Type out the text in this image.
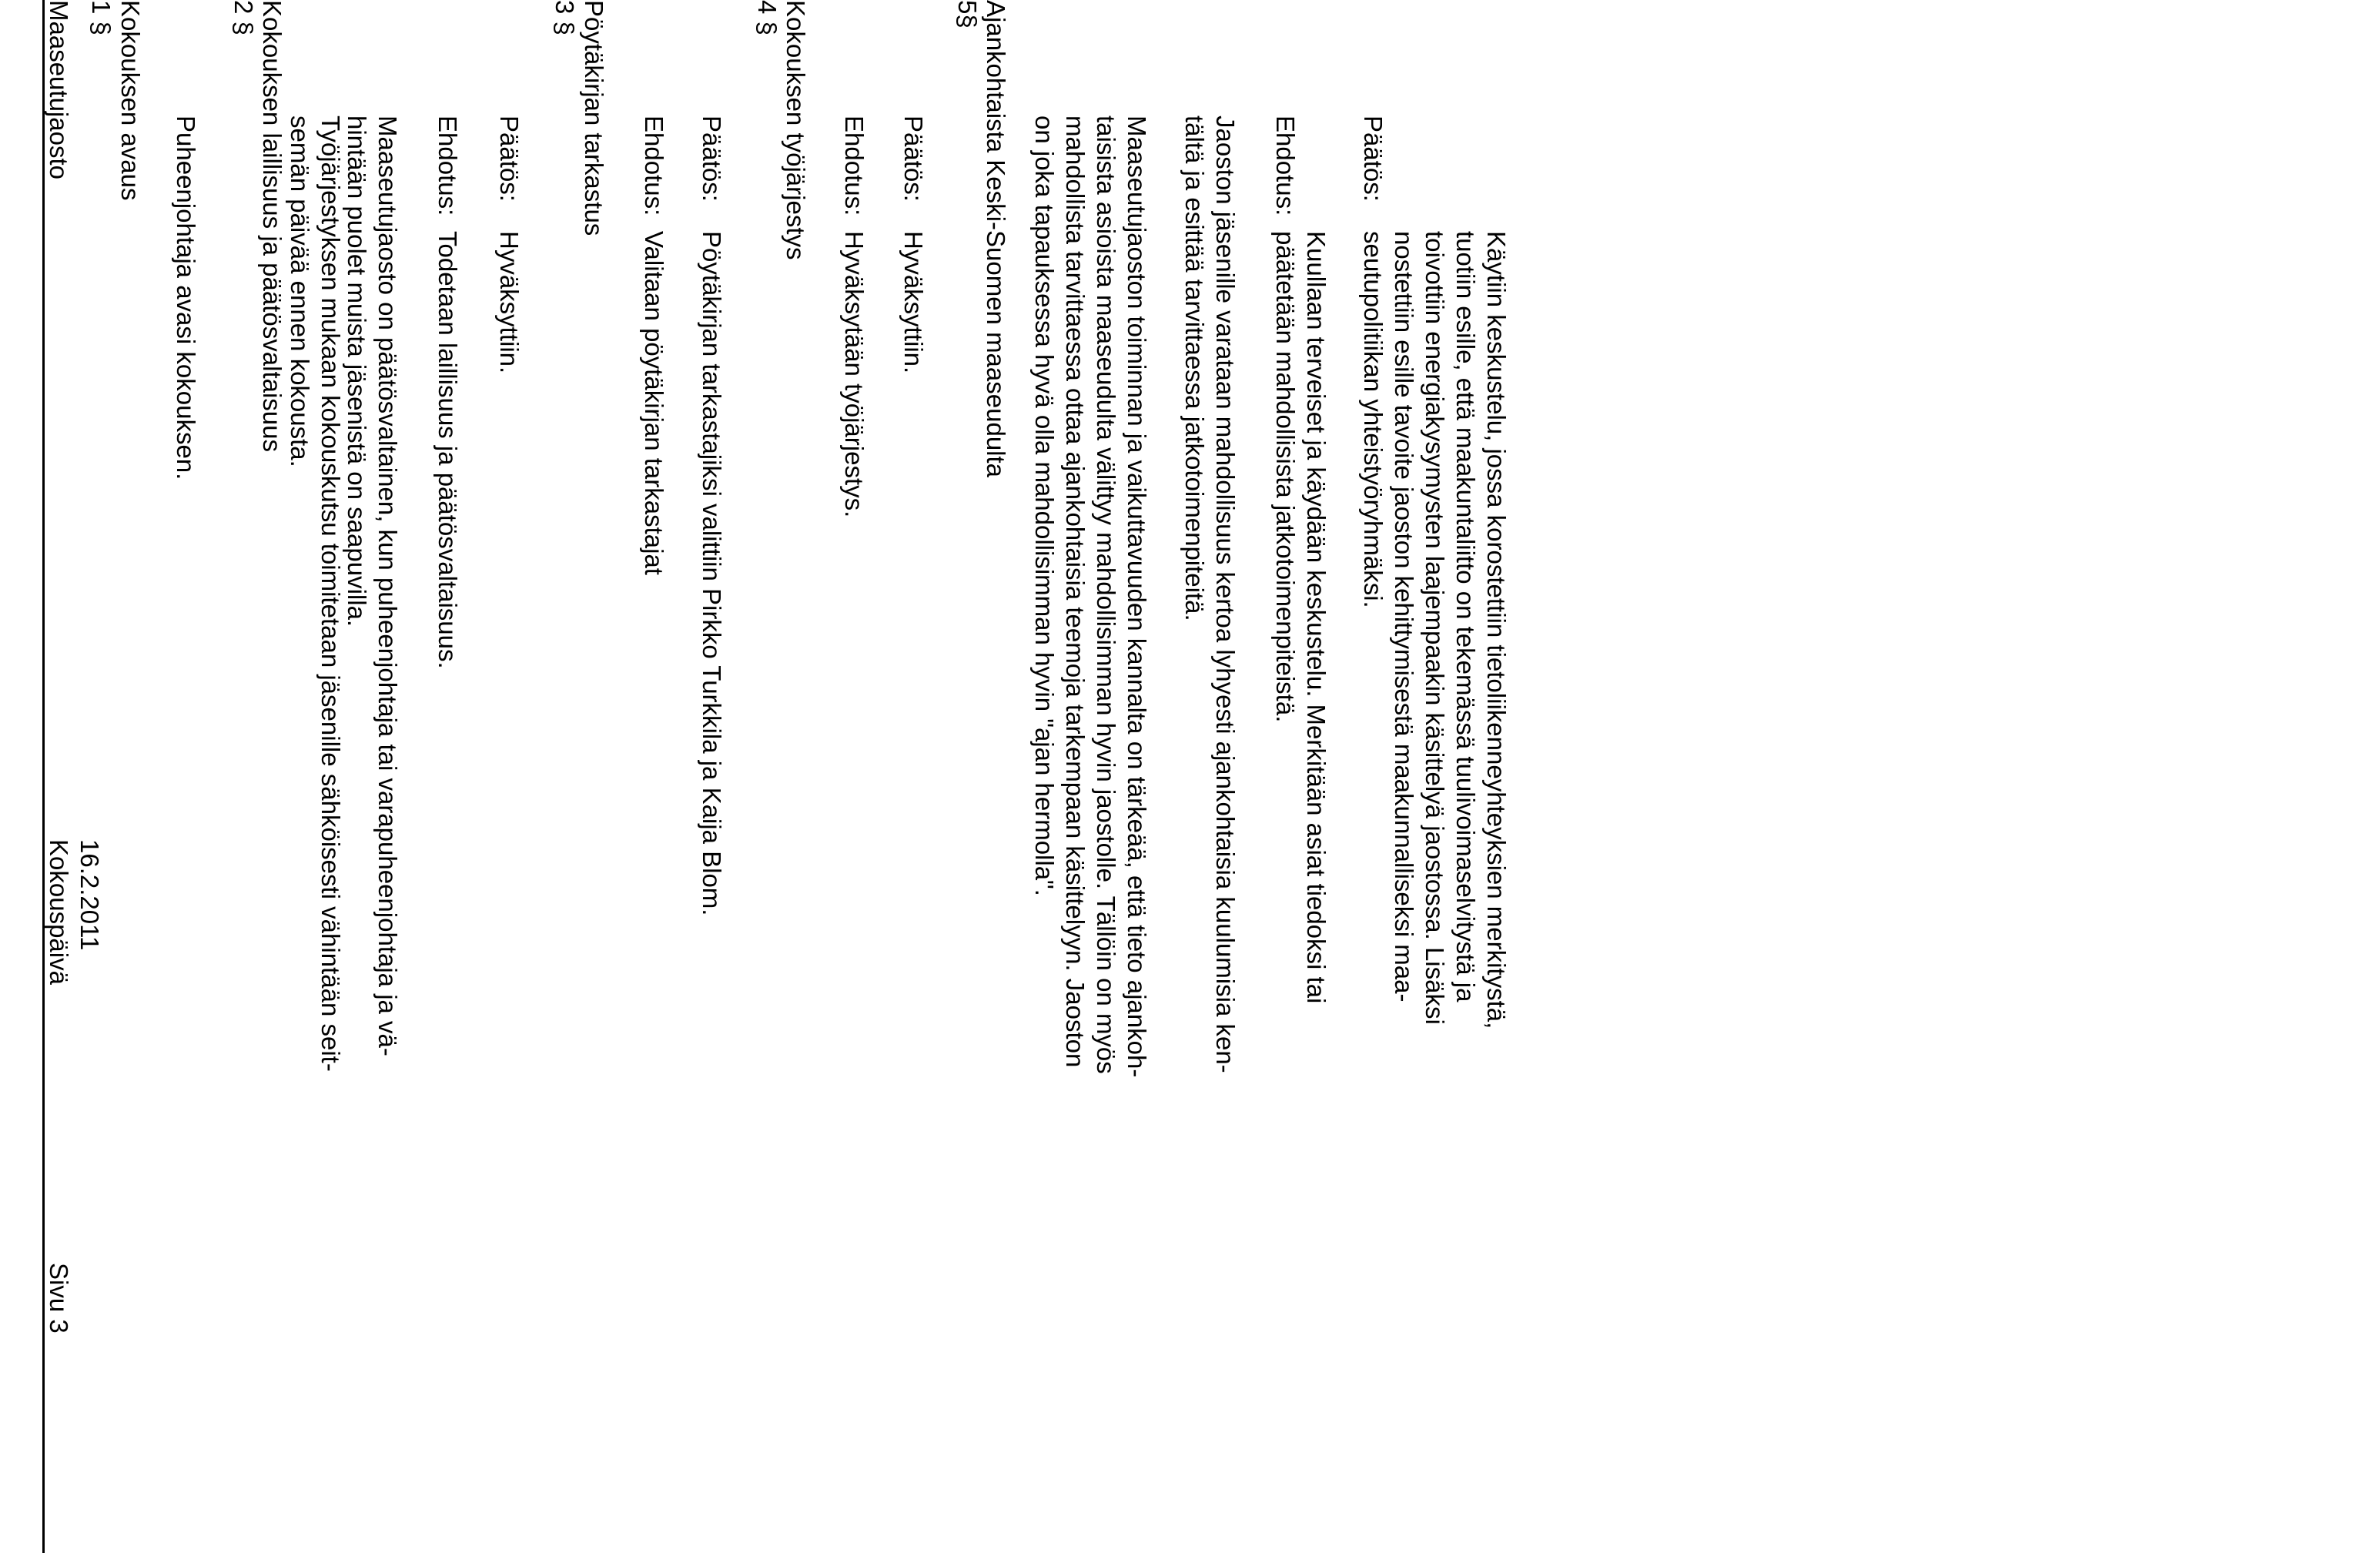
Maaseutujaosto
Kokouspäivä
Sivu 3
16.2.2011
1 § Kokouksen avaus
Puheenjohtaja avasi kokouksen.
2 § Kokouksen laillisuus ja päätösvaltaisuus Työjärjestyksen mukaan kokouskutsu toimitetaan jäsenille sähköisesti vähintään seit-
semän päivää ennen kokousta. Maaseutujaosto on päätösvaltainen, kun puheenjohtaja tai varapuheenjohtaja ja vä-
hintään puolet muista jäsenistä on saapuvilla. Ehdotus:
Todetaan laillisuus ja päätösvaltaisuus.
Päätös:
Hyväksyttiin.
3 § Pöytäkirjan tarkastus Ehdotus:
Valitaan pöytäkirjan tarkastajat
Päätös:
Pöytäkirjan tarkastajiksi valittiin Pirkko Turkkila ja Kaija Blom.
4 § Kokouksen työjärjestys Ehdotus:
Hyväksytään työjärjestys.
Päätös:
Hyväksyttiin.
5§ Ajankohtaista Keski-Suomen maaseudulta	Maaseutujaoston toiminnan ja vaikuttavuuden kannalta on tärkeää, että tieto ajankoh-
taisista asioista maaseudulta välittyy mahdollisimman hyvin jaostolle. Tällöin on myös
mahdollista tarvittaessa ottaa ajankohtaisia teemoja tarkempaan käsittelyyn. Jaoston
on joka tapauksessa hyvä olla mahdollisimman hyvin "ajan hermolla".	Jaoston jäsenille varataan mahdollisuus kertoa lyhyesti ajankohtaisia kuulumisia ken-
tältä ja esittää tarvittaessa jatkotoimenpiteitä. Ehdotus:
Kuullaan terveiset ja käydään keskustelu. Merkitään asiat tiedoksi tai
päätetään mahdollisista jatkotoimenpiteistä.
Päätös:
Käytiin keskustelu, jossa korostettiin tietoliikenneyhteyksien merkitystä,
tuotiin esille, että maakuntaliitto on tekemässä tuulivoimaselvitystä ja
toivottiin energiakysymysten laajempaakin käsittelyä jaostossa. Lisäksi
nostettiin esille tavoite jaoston kehittymisestä maakunnalliseksi maa-
seutupolitiikan yhteistyöryhmäksi.
